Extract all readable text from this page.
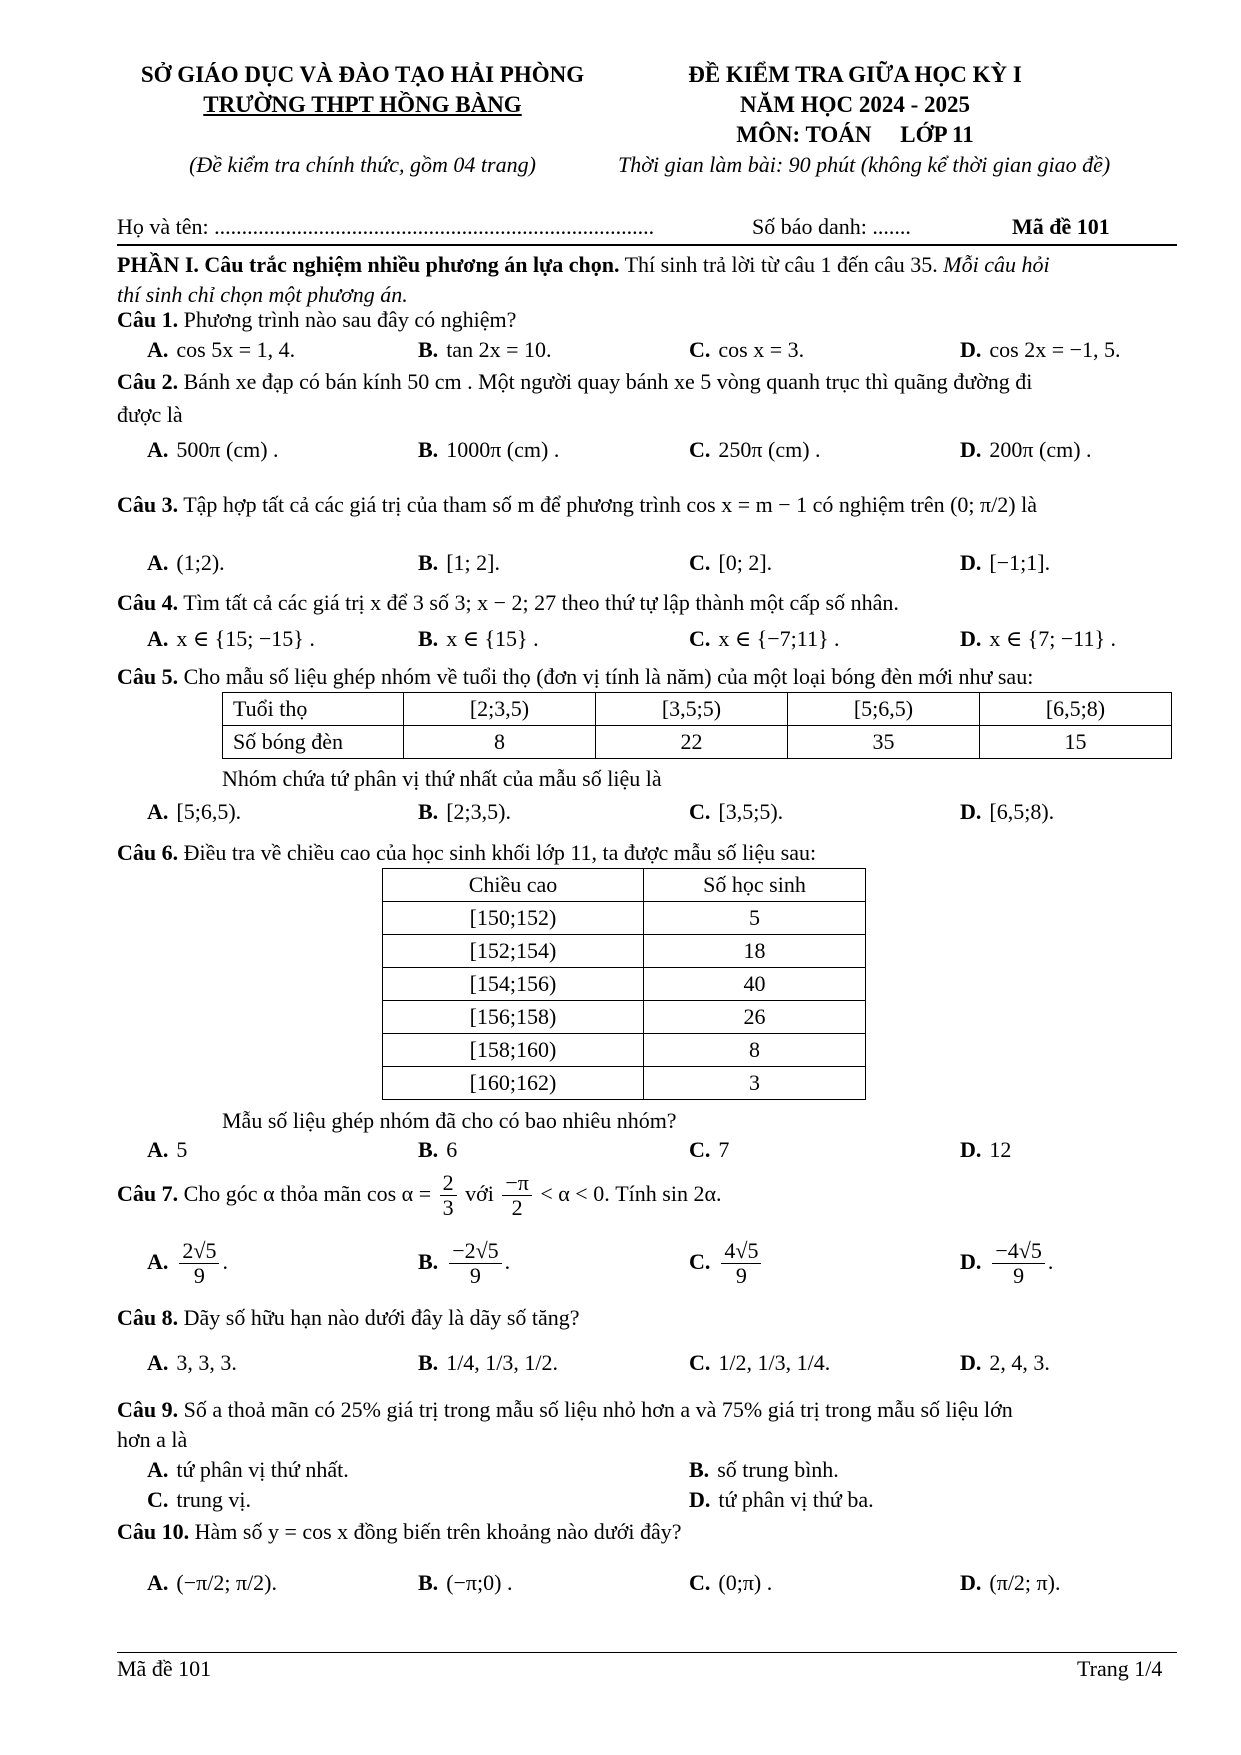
SỞ GIÁO DỤC VÀ ĐÀO TẠO HẢI PHÒNG
TRƯỜNG THPT HỒNG BÀNG
(Đề kiểm tra chính thức, gồm 04 trang)
ĐỀ KIỂM TRA GIỮA HỌC KỲ I
NĂM HỌC 2024 - 2025
MÔN: TOÁN     LỚP 11
Thời gian làm bài: 90 phút (không kể thời gian giao đề)
Họ và tên: ................................................................................	Số báo danh: .......	Mã đề 101
PHẦN I. Câu trắc nghiệm nhiều phương án lựa chọn. Thí sinh trả lời từ câu 1 đến câu 35. Mỗi câu hỏi
thí sinh chỉ chọn một phương án.
Câu 1. Phương trình nào sau đây có nghiệm?
A. cos 5x = 1, 4.	B. tan 2x = 10.	C. cos x = 3.	D. cos 2x = −1, 5.
Câu 2. Bánh xe đạp có bán kính 50 cm . Một người quay bánh xe 5 vòng quanh trục thì quãng đường đi
được là
A. 500π (cm) .	B. 1000π (cm) .	C. 250π (cm) .	D. 200π (cm) .
Câu 3. Tập hợp tất cả các giá trị của tham số m để phương trình cos x = m − 1 có nghiệm trên (0; π/2) là
A. (1;2).	B. [1; 2].	C. [0; 2].	D. [−1;1].
Câu 4. Tìm tất cả các giá trị x để 3 số 3; x − 2; 27 theo thứ tự lập thành một cấp số nhân.
A. x ∈ {15; −15} .	B. x ∈ {15} .	C. x ∈ {−7;11} .	D. x ∈ {7; −11} .
Câu 5. Cho mẫu số liệu ghép nhóm về tuổi thọ (đơn vị tính là năm) của một loại bóng đèn mới như sau:
Tuổi thọ	[2;3,5)	[3,5;5)	[5;6,5)	[6,5;8)
Số bóng đèn	8	22	35	15
Nhóm chứa tứ phân vị thứ nhất của mẫu số liệu là
A. [5;6,5).	B. [2;3,5).	C. [3,5;5).	D. [6,5;8).
Câu 6. Điều tra về chiều cao của học sinh khối lớp 11, ta được mẫu số liệu sau:
Chiều cao	Số học sinh
[150;152)	5
[152;154)	18
[154;156)	40
[156;158)	26
[158;160)	8
[160;162)	3
Mẫu số liệu ghép nhóm đã cho có bao nhiêu nhóm?
A. 5	B. 6	C. 7	D. 12
Câu 7. Cho góc α thỏa mãn $\cos \alpha = \frac{2}{3}$ với $\frac{-\pi}{2} < \alpha < 0$. Tính sin 2α.
A. $\frac{2√5}{9}$ .	B. $\frac{-2√5}{9}$ .	C. $\frac{4√5}{9}$	D. $\frac{-4√5}{9}$ .
Câu 8. Dãy số hữu hạn nào dưới đây là dãy số tăng?
A. 3, 3, 3.	B. 1/4, 1/3, 1/2.	C. 1/2, 1/3, 1/4.	D. 2, 4, 3.
Câu 9. Số a thoả mãn có 25% giá trị trong mẫu số liệu nhỏ hơn a và 75% giá trị trong mẫu số liệu lớn
hơn a là
A. tứ phân vị thứ nhất.	B. số trung bình.
C. trung vị.	D. tứ phân vị thứ ba.
Câu 10. Hàm số y = cos x đồng biến trên khoảng nào dưới đây?
A. (−π/2; π/2).	B. (−π;0) .	C. (0;π) .	D. (π/2; π).
Mã đề 101	Trang 1/4
